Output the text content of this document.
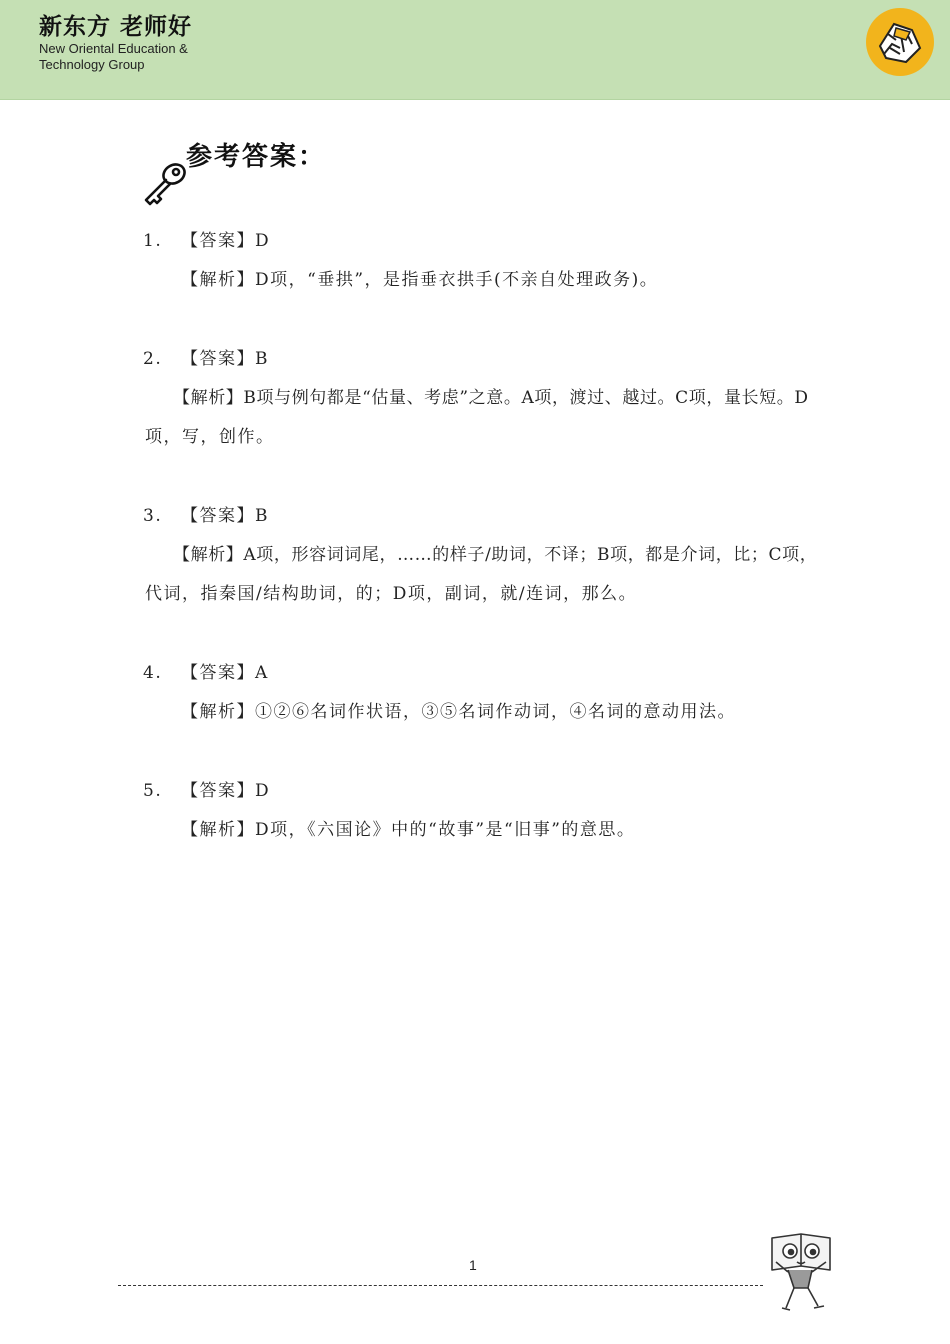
新东方 老师好
New Oriental Education &
Technology Group
参考答案：
1. 【答案】D
【解析】D项，“垂拱”，是指垂衣拱手(不亲自处理政务)。
2. 【答案】B
【解析】B项与例句都是“估量、考虑”之意。A项，渡过、越过。C项，量长短。D
项，写，创作。
3. 【答案】B
【解析】A项，形容词词尾，……的样子/助词，不译；B项，都是介词，比；C项，
代词，指秦国/结构助词，的；D项，副词，就/连词，那么。
4. 【答案】A
【解析】①②⑥名词作状语，③⑤名词作动词，④名词的意动用法。
5. 【答案】D
【解析】D项，《六国论》中的“故事”是“旧事”的意思。
1
